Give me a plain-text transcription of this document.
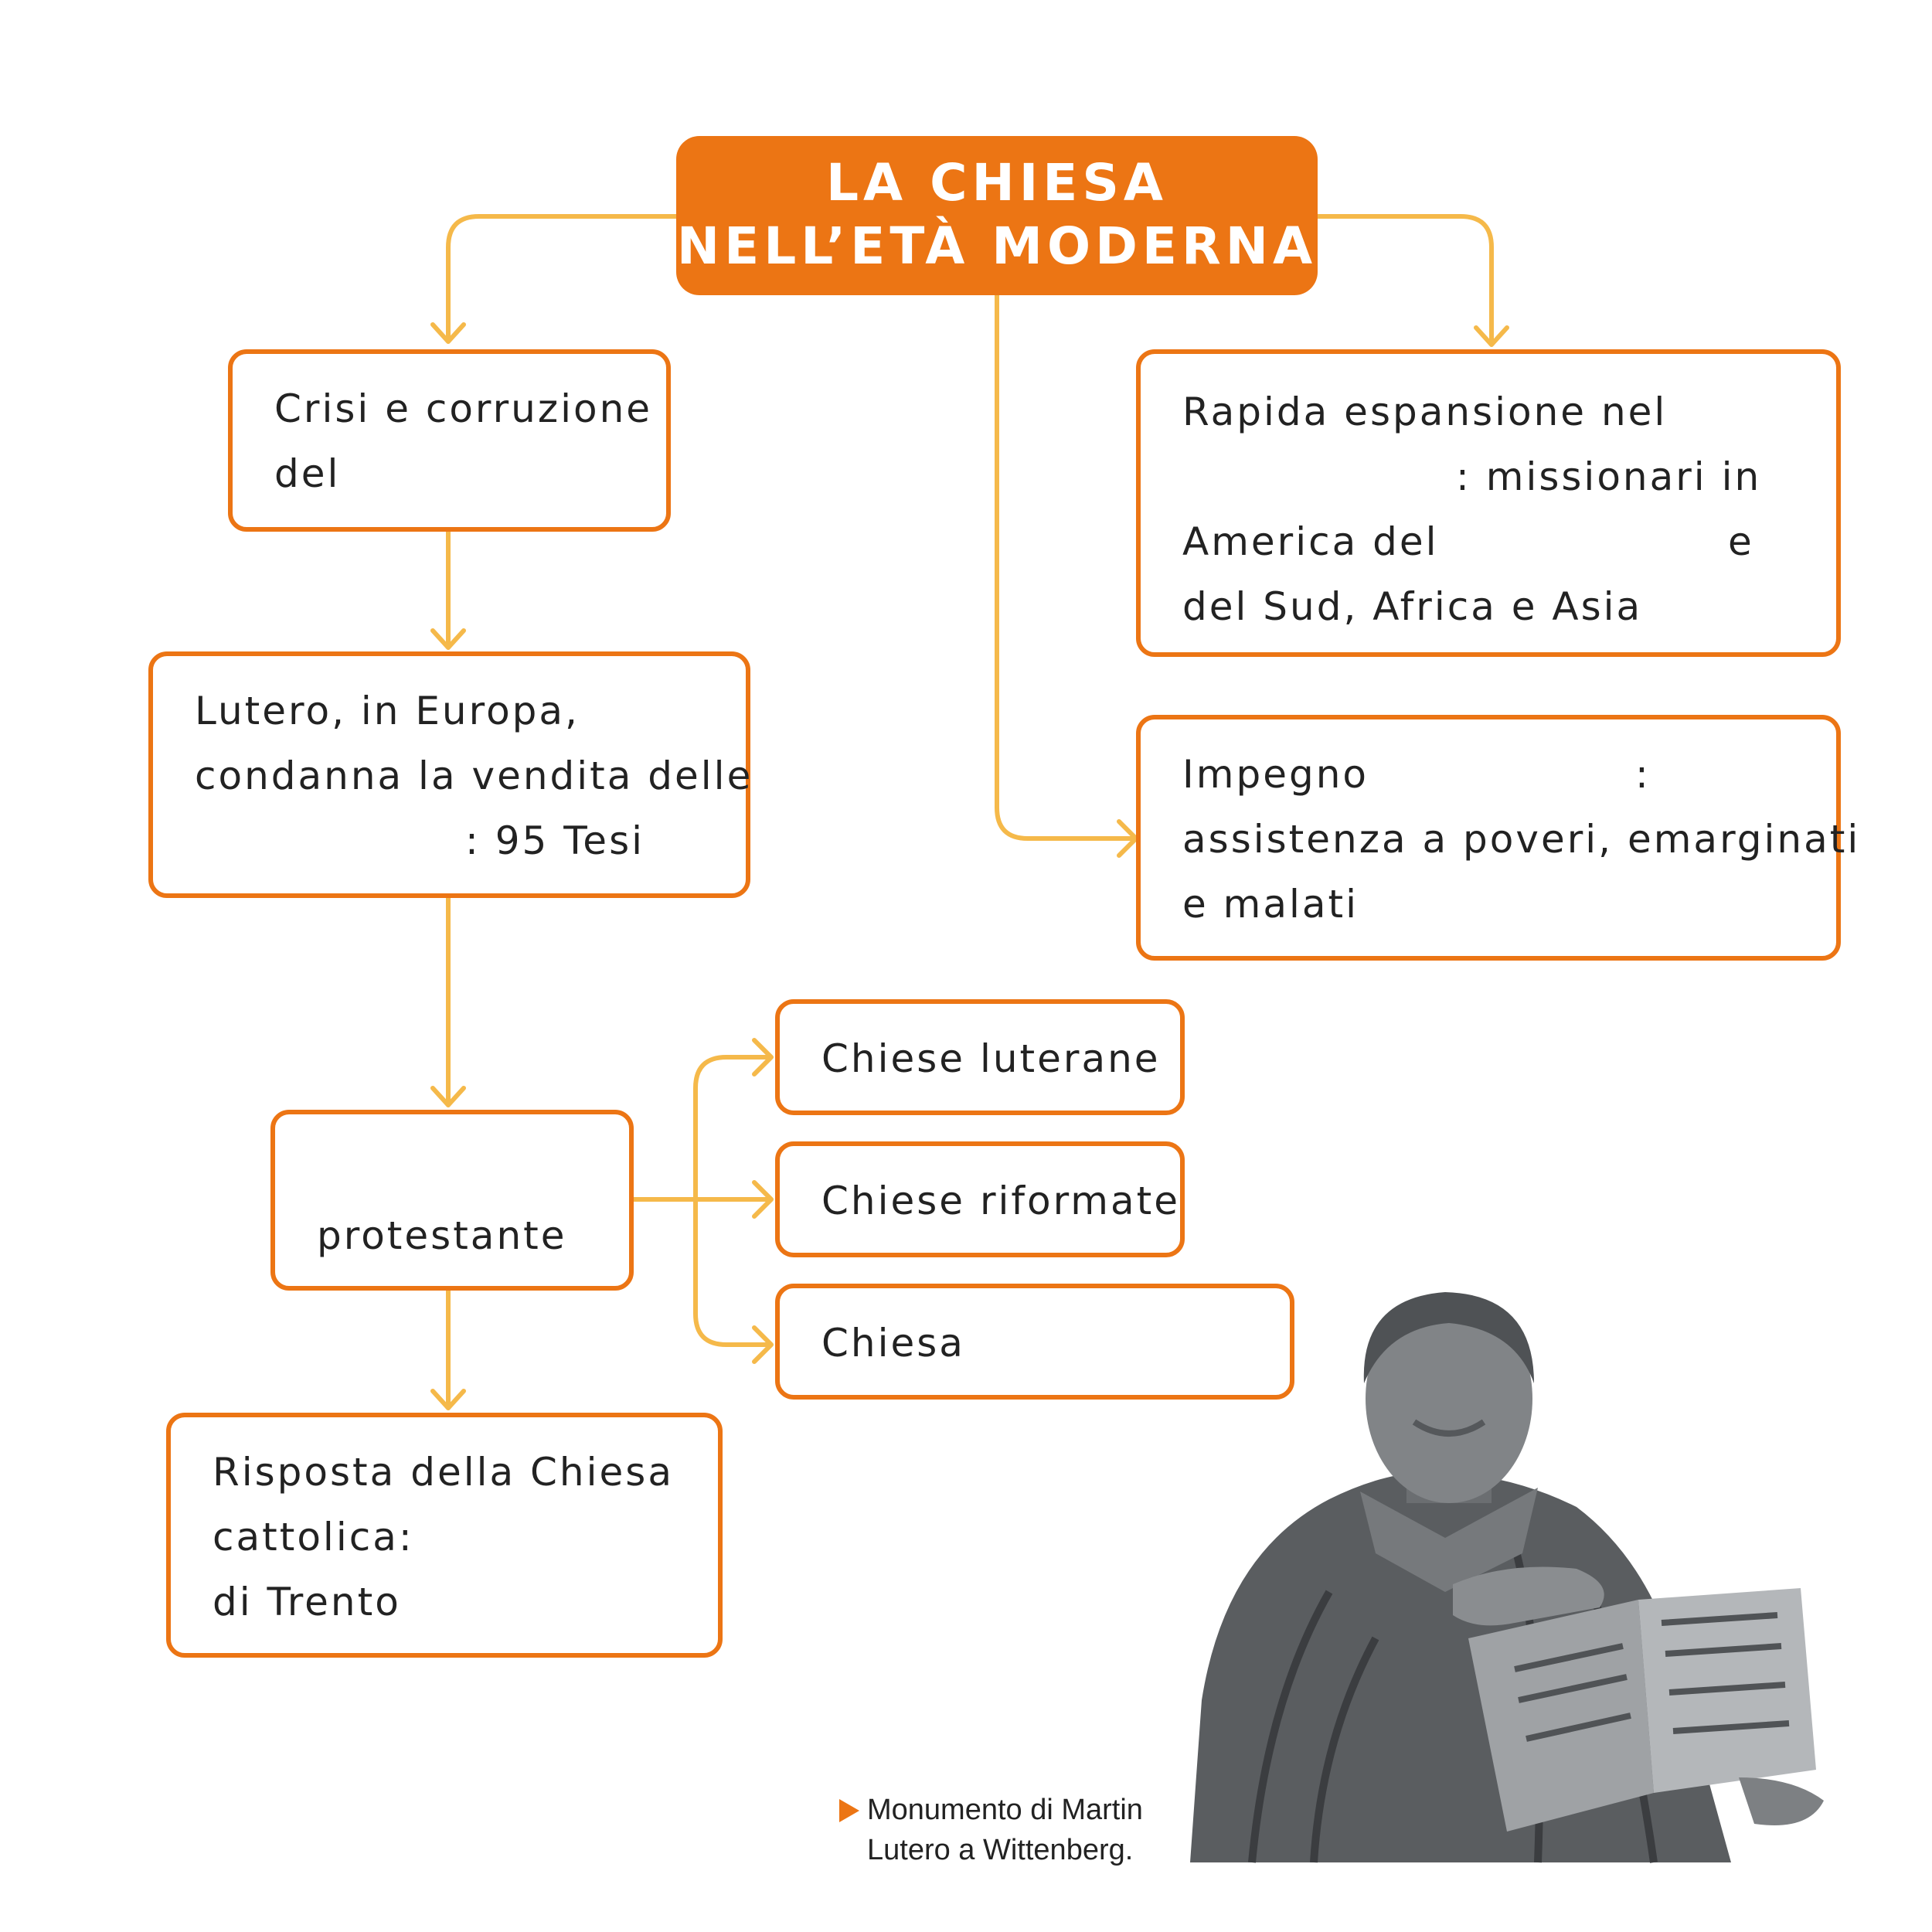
LA CHIESA
NELL’ETÀ MODERNA
Crisi e corruzione
del
Lutero, in Europa,
condanna la vendita delle
: 95 Tesi
protestante
Risposta della Chiesa
cattolica:
di Trento
Rapida espansione nel
: missionari in
America del	e
del Sud, Africa e Asia
Impegno	:
assistenza a poveri, emarginati
e malati
Chiese luterane
Chiese riformate
Chiesa
Monumento di Martin
Lutero a Wittenberg.
